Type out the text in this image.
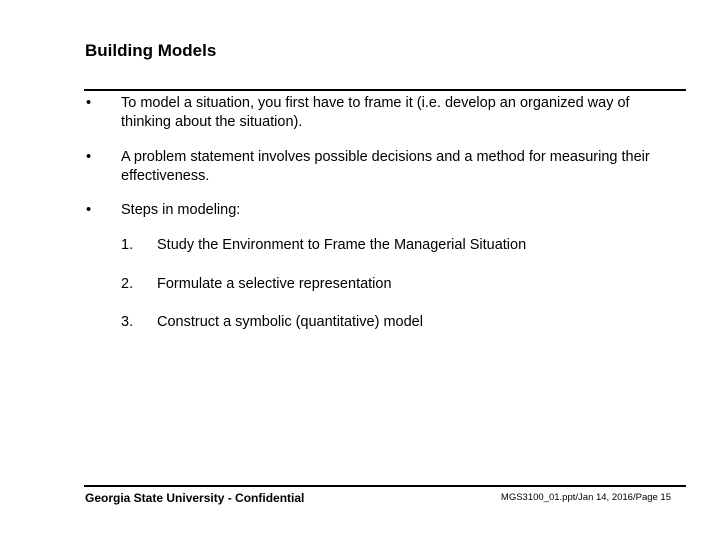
Building Models
• To model a situation, you first have to frame it (i.e. develop an organized way of thinking about the situation).
• A problem statement involves possible decisions and a method for measuring their effectiveness.
• Steps in modeling:
1. Study the Environment to Frame the Managerial Situation
2. Formulate a selective representation
3. Construct a symbolic (quantitative) model
Georgia State University - Confidential	MGS3100_01.ppt/Jan 14, 2016/Page 15
